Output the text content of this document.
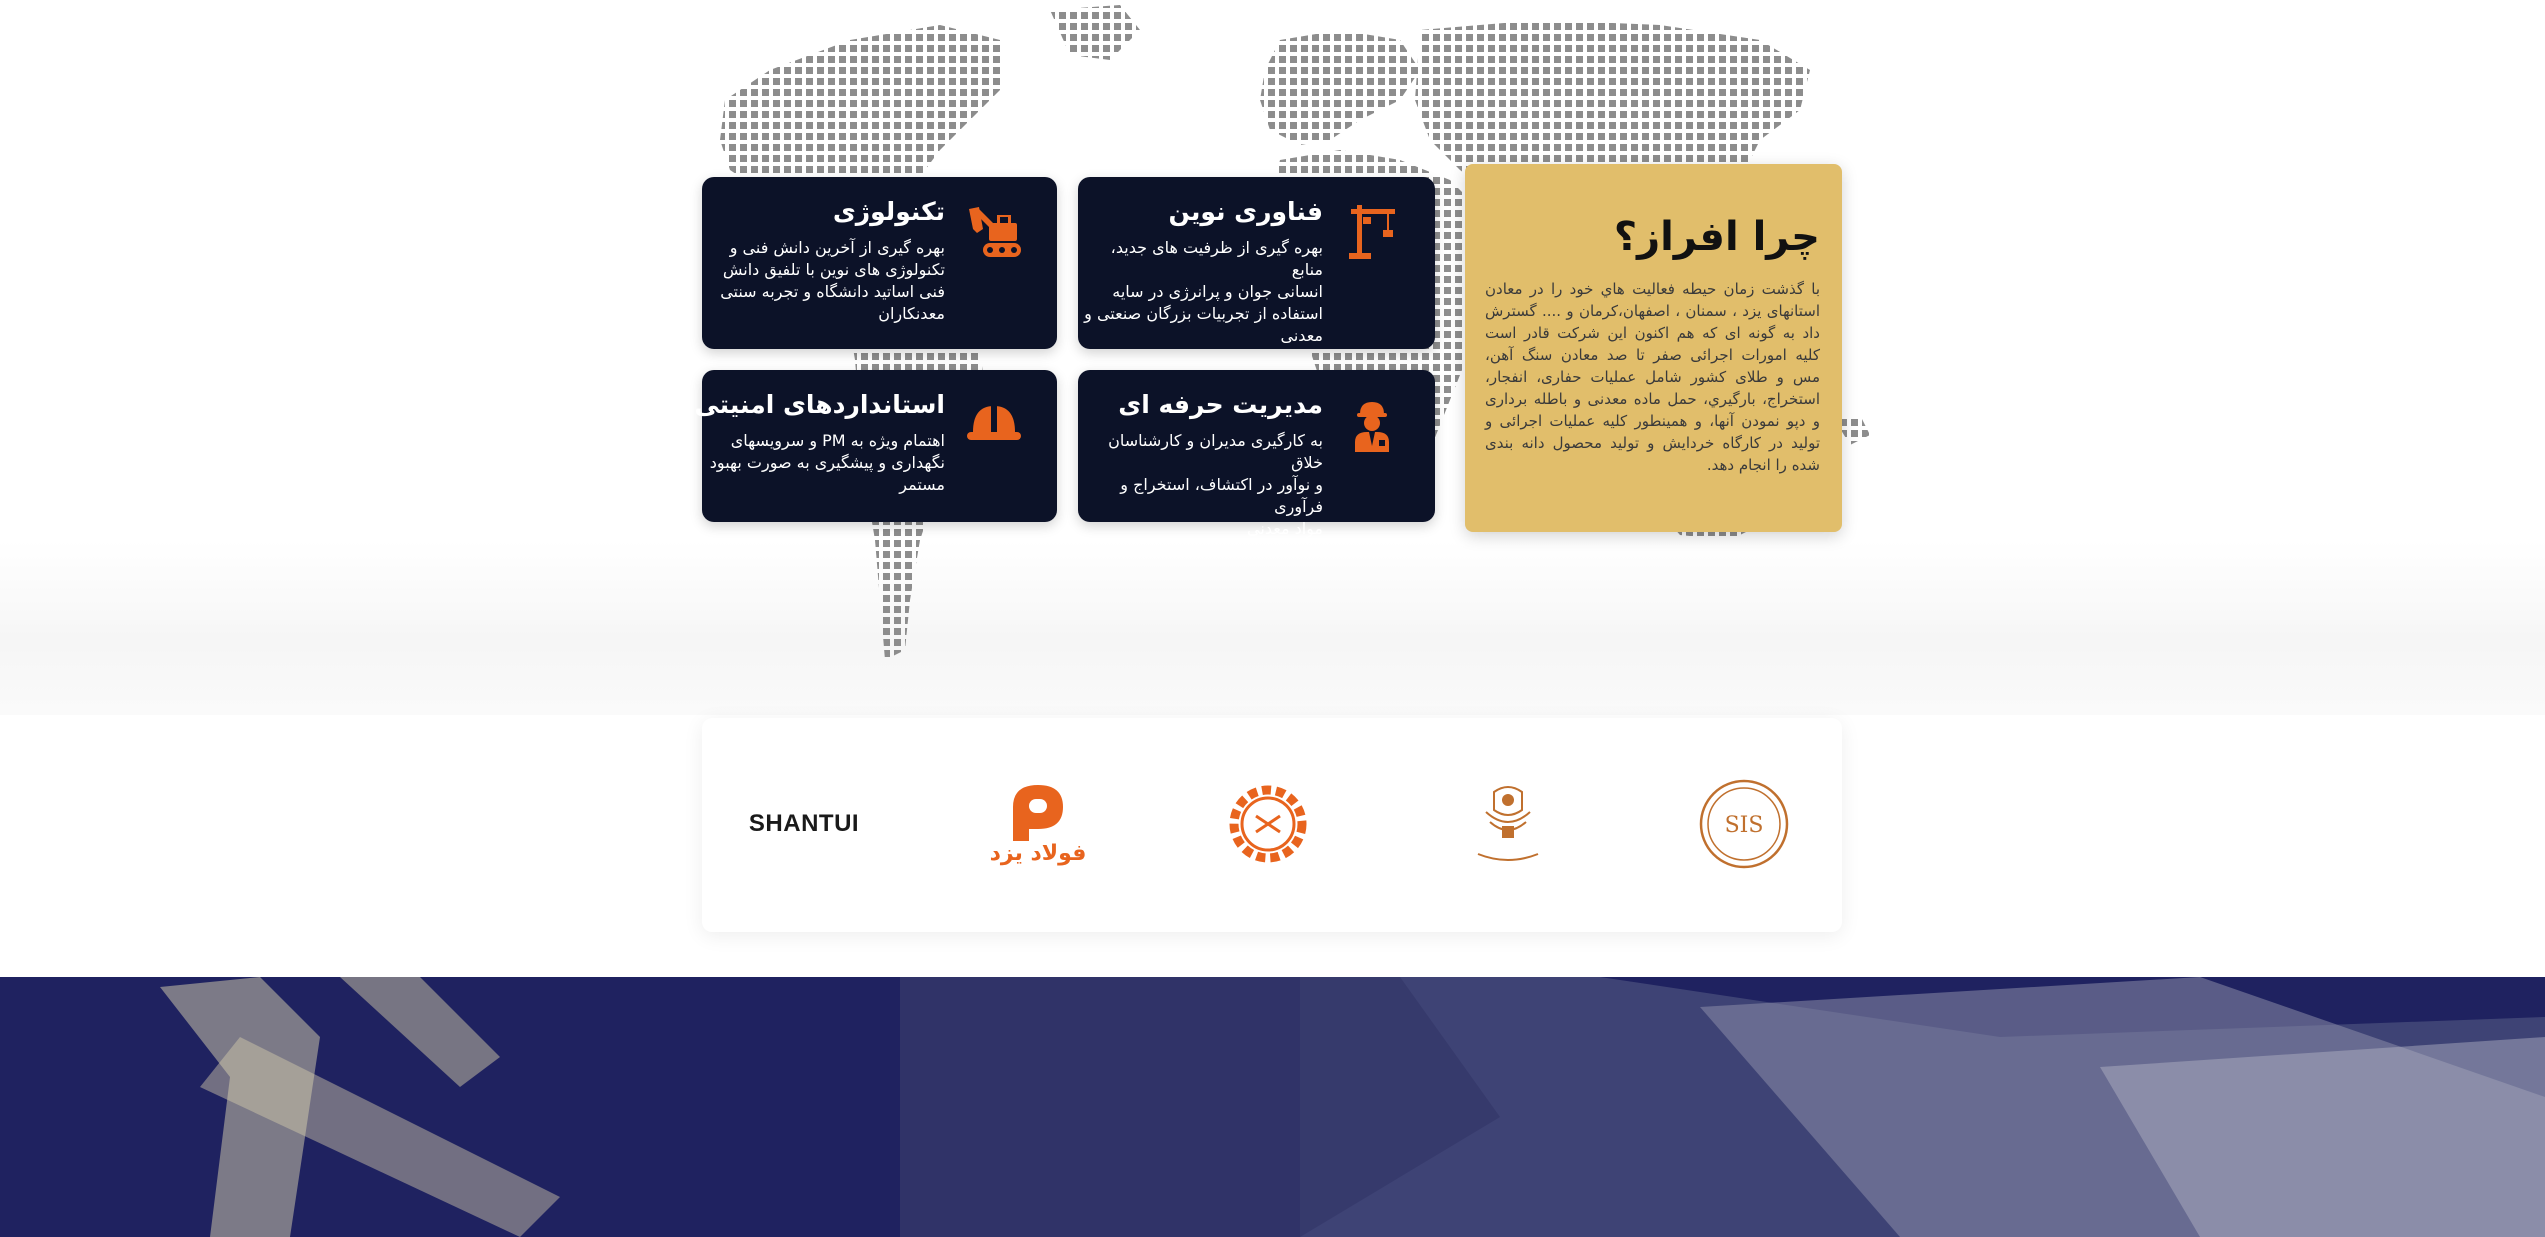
فناوری نوین

بهره گیری از ظرفیت های جدید، منابع
انسانی جوان و پرانرژی در سایه
استفاده از تجربیات بزرگان صنعتی و
معدنی

تکنولوژی

بهره گیری از آخرین دانش فنی و
تکنولوژی های نوین با تلفیق دانش
فنی اساتید دانشگاه و تجربه سنتی
معدنکاران

مدیریت حرفه ای

به کارگیری مدیران و کارشناسان خلاق
و نوآور در اکتشاف، استخراج و فرآوری
مواد معدنی

استانداردهای امنیتی

اهتمام ویژه به PM و سرویسهای
نگهداری و پیشگیری به صورت بهبود
مستمر

چرا افراز؟

با گذشت زمان حیطه فعالیت هاي خود را در معادن استانهای یزد ، سمنان ، اصفهان،کرمان و .... گسترش داد به گونه ای که هم اکنون این شرکت قادر است کلیه امورات اجرائی صفر تا صد معادن سنگ آهن، مس و طلای کشور شامل عملیات حفاری، انفجار، استخراج، بارگیري، حمل ماده معدنی و باطله برداری و دپو نمودن آنها، و همینطور کلیه عملیات اجرائی و تولید در کارگاه خردایش و تولید محصول دانه بندی شده را انجام دهد.

SIS
فولاد یزد
SHANTUI
